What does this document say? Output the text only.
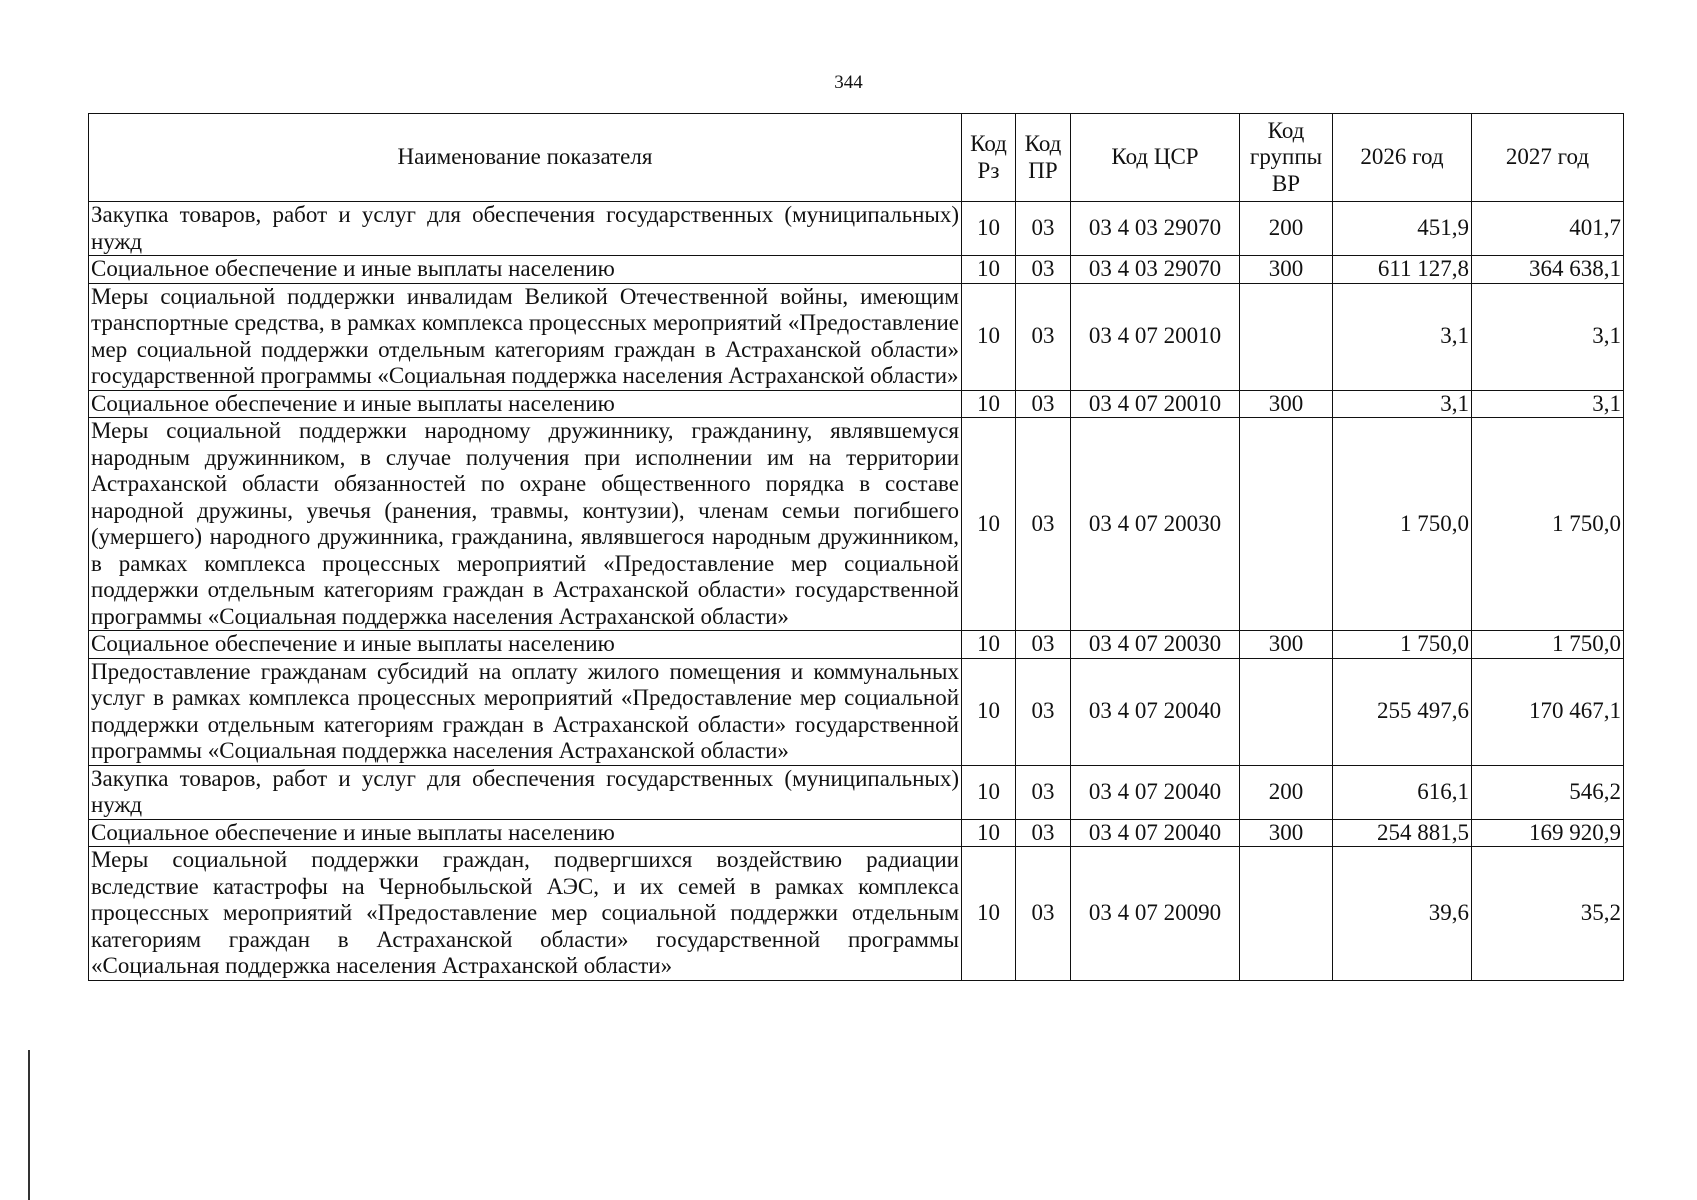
344
Наименование показателя	Код Рз	Код ПР	Код ЦСР	Код группы ВР	2026 год	2027 год
Закупка товаров, работ и услуг для обеспечения государственных (муниципальных) нужд	10	03	03 4 03 29070	200	451,9	401,7
Социальное обеспечение и иные выплаты населению	10	03	03 4 03 29070	300	611 127,8	364 638,1
Меры социальной поддержки инвалидам Великой Отечественной войны, имеющим транспортные средства, в рамках комплекса процессных мероприятий «Предоставление мер социальной поддержки отдельным категориям граждан в Астраханской области» государственной программы «Социальная поддержка населения Астраханской области»	10	03	03 4 07 20010		3,1	3,1
Социальное обеспечение и иные выплаты населению	10	03	03 4 07 20010	300	3,1	3,1
Меры социальной поддержки народному дружиннику, гражданину, являвшемуся народным дружинником, в случае получения при исполнении им на территории Астраханской области обязанностей по охране общественного порядка в составе народной дружины, увечья (ранения, травмы, контузии), членам семьи погибшего (умершего) народного дружинника, гражданина, являвшегося народным дружинником, в рамках комплекса процессных мероприятий «Предоставление мер социальной поддержки отдельным категориям граждан в Астраханской области» государственной программы «Социальная поддержка населения Астраханской области»	10	03	03 4 07 20030		1 750,0	1 750,0
Социальное обеспечение и иные выплаты населению	10	03	03 4 07 20030	300	1 750,0	1 750,0
Предоставление гражданам субсидий на оплату жилого помещения и коммунальных услуг в рамках комплекса процессных мероприятий «Предоставление мер социальной поддержки отдельным категориям граждан в Астраханской области» государственной программы «Социальная поддержка населения Астраханской области»	10	03	03 4 07 20040		255 497,6	170 467,1
Закупка товаров, работ и услуг для обеспечения государственных (муниципальных) нужд	10	03	03 4 07 20040	200	616,1	546,2
Социальное обеспечение и иные выплаты населению	10	03	03 4 07 20040	300	254 881,5	169 920,9
Меры социальной поддержки граждан, подвергшихся воздействию радиации вследствие катастрофы на Чернобыльской АЭС, и их семей в рамках комплекса процессных мероприятий «Предоставление мер социальной поддержки отдельным категориям граждан в Астраханской области» государственной программы «Социальная поддержка населения Астраханской области»	10	03	03 4 07 20090		39,6	35,2
